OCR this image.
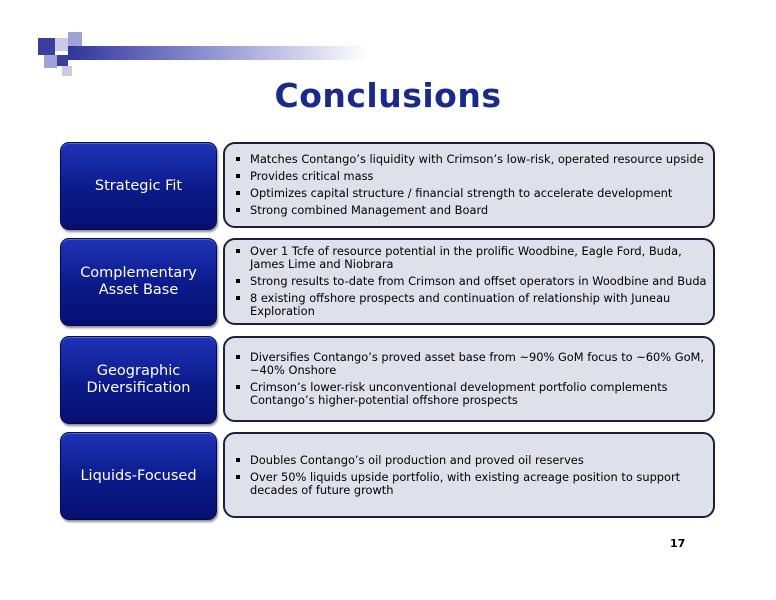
Conclusions
Strategic Fit
Matches Contango’s liquidity with Crimson’s low-risk, operated resource upside
Provides critical mass
Optimizes capital structure / financial strength to accelerate development
Strong combined Management and Board
Complementary Asset Base
Over 1 Tcfe of resource potential in the prolific Woodbine, Eagle Ford, Buda, James Lime and Niobrara
Strong results to-date from Crimson and offset operators in Woodbine and Buda
8 existing offshore prospects and continuation of relationship with Juneau Exploration
Geographic Diversification
Diversifies Contango’s proved asset base from ~90% GoM focus to ~60% GoM, ~40% Onshore
Crimson’s lower-risk unconventional development portfolio complements Contango’s higher-potential offshore prospects
Liquids-Focused
Doubles Contango’s oil production and proved oil reserves
Over 50% liquids upside portfolio, with existing acreage position to support decades of future growth
17
